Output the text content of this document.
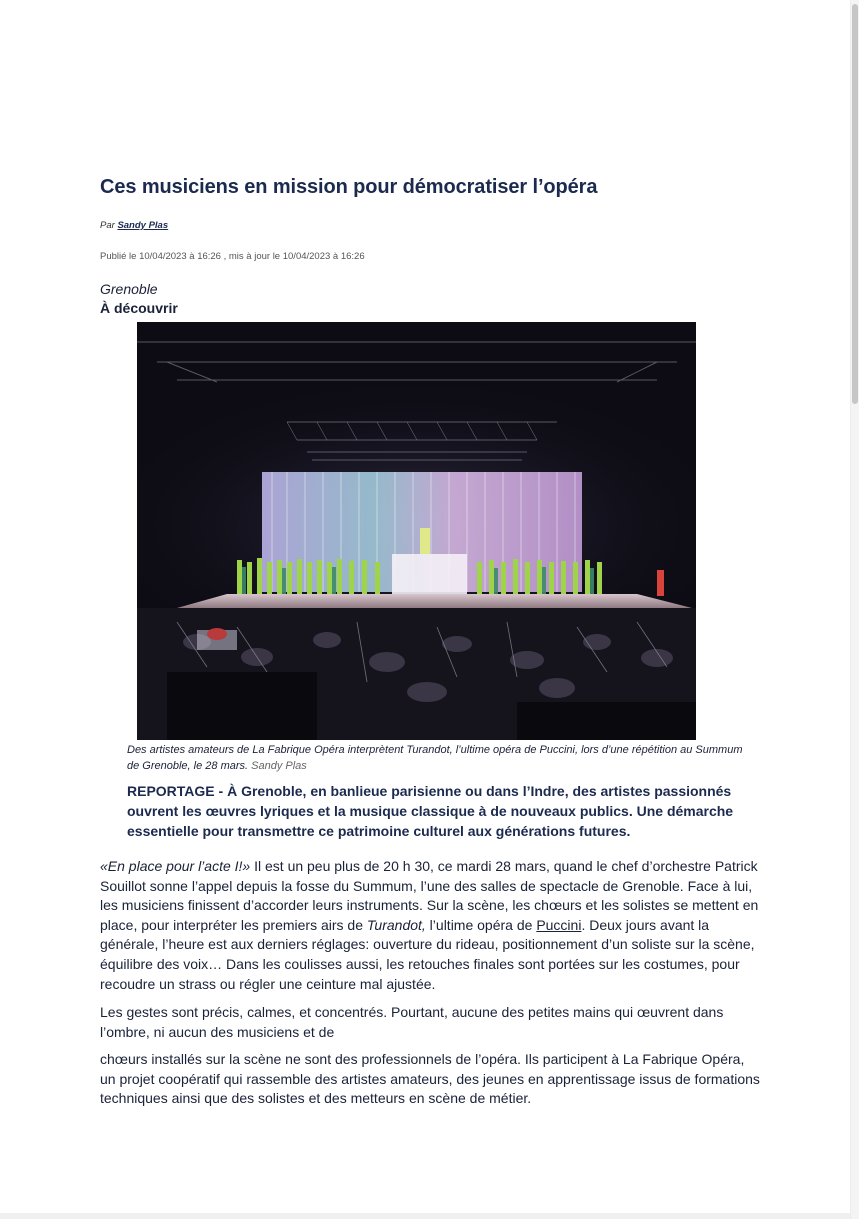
Ces musiciens en mission pour démocratiser l’opéra
Par Sandy Plas
Publié le 10/04/2023 à 16:26 , mis à jour le 10/04/2023 à 16:26
Grenoble
À découvrir
Des artistes amateurs de La Fabrique Opéra interprètent Turandot, l’ultime opéra de Puccini, lors d’une répétition au Summum de Grenoble, le 28 mars. Sandy Plas
REPORTAGE - À Grenoble, en banlieue parisienne ou dans l’Indre, des artistes passionnés ouvrent les œuvres lyriques et la musique classique à de nouveaux publics. Une démarche essentielle pour transmettre ce patrimoine culturel aux générations futures.

«En place pour l’acte I!» Il est un peu plus de 20 h 30, ce mardi 28 mars, quand le chef d’orchestre Patrick Souillot sonne l’appel depuis la fosse du Summum, l’une des salles de spectacle de Grenoble. Face à lui, les musiciens finissent d’accorder leurs instruments. Sur la scène, les chœurs et les solistes se mettent en place, pour interpréter les premiers airs de Turandot, l’ultime opéra de Puccini. Deux jours avant la générale, l’heure est aux derniers réglages: ouverture du rideau, positionnement d’un soliste sur la scène, équilibre des voix… Dans les coulisses aussi, les retouches finales sont portées sur les costumes, pour recoudre un strass ou régler une ceinture mal ajustée.

Les gestes sont précis, calmes, et concentrés. Pourtant, aucune des petites mains qui œuvrent dans l’ombre, ni aucun des musiciens et de

chœurs installés sur la scène ne sont des professionnels de l’opéra. Ils participent à La Fabrique Opéra, un projet coopératif qui rassemble des artistes amateurs, des jeunes en apprentissage issus de formations techniques ainsi que des solistes et des metteurs en scène de métier.
